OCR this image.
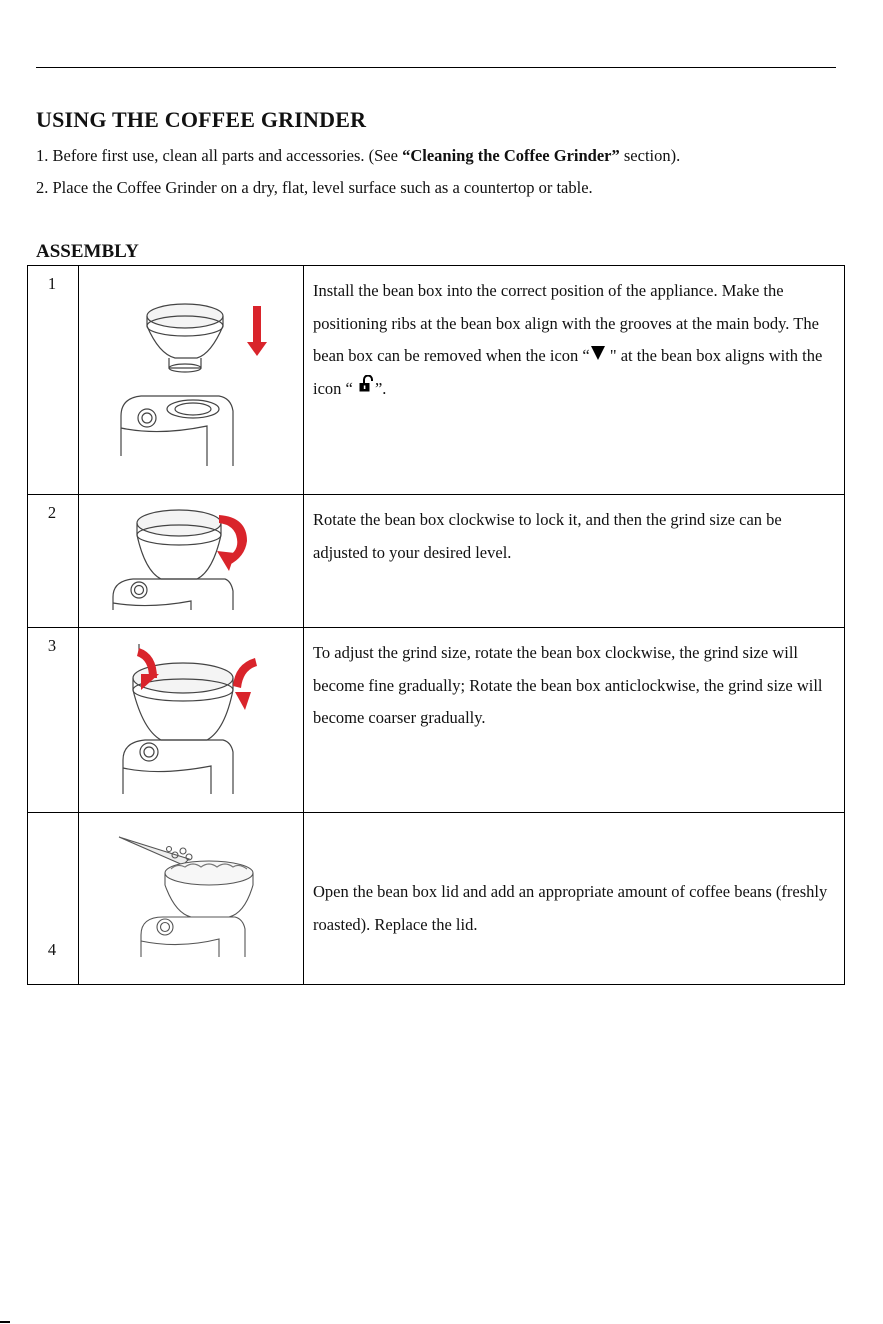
USING THE COFFEE GRINDER

1. Before first use, clean all parts and accessories. (See “Cleaning the Coffee Grinder” section).

2. Place the Coffee Grinder on a dry, flat, level surface such as a countertop or table.

ASSEMBLY
1		Install the bean box into the correct position of the appliance. Make the positioning ribs at the bean box align with the grooves at the main body. The bean box can be removed when the icon “ " at the bean box aligns with the icon “ ”.
2		Rotate the bean box clockwise to lock it, and then the grind size can be adjusted to your desired level.
3		To adjust the grind size, rotate the bean box clockwise, the grind size will become fine gradually; Rotate the bean box anticlockwise, the grind size will become coarser gradually.
4		Open the bean box lid and add an appropriate amount of coffee beans (freshly roasted). Replace the lid.
